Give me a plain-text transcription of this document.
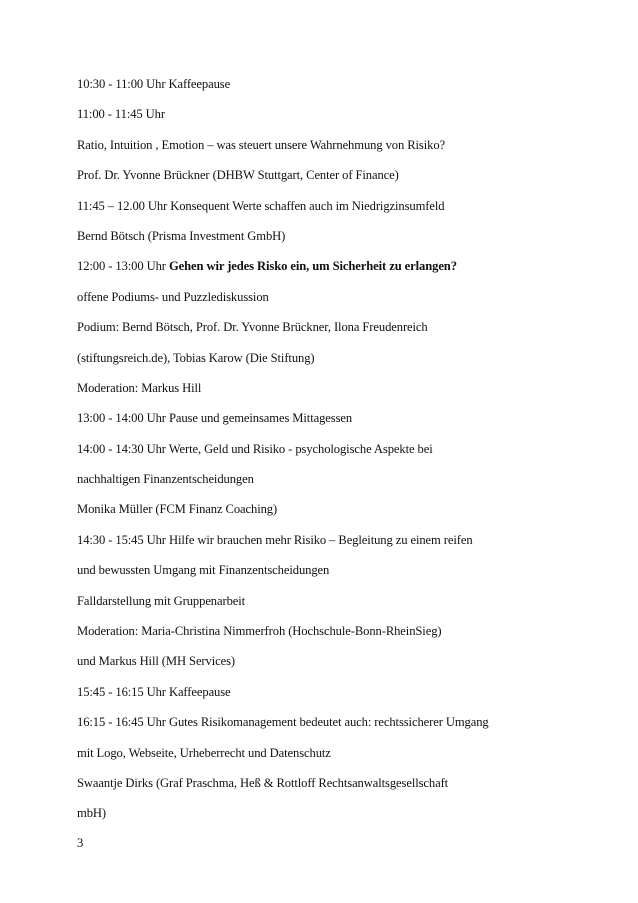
10:30 - 11:00 Uhr Kaffeepause
11:00 - 11:45 Uhr
Ratio, Intuition , Emotion – was steuert unsere Wahrnehmung von Risiko?
Prof. Dr. Yvonne Brückner (DHBW Stuttgart, Center of Finance)
11:45 – 12.00 Uhr Konsequent Werte schaffen auch im Niedrigzinsumfeld
Bernd Bötsch (Prisma Investment GmbH)
12:00 - 13:00 Uhr Gehen wir jedes Risko ein, um Sicherheit zu erlangen?
offene Podiums- und Puzzlediskussion
Podium: Bernd Bötsch, Prof. Dr. Yvonne Brückner, Ilona Freudenreich
(stiftungsreich.de), Tobias Karow (Die Stiftung)
Moderation: Markus Hill
13:00 - 14:00 Uhr Pause und gemeinsames Mittagessen
14:00 - 14:30 Uhr Werte, Geld und Risiko - psychologische Aspekte bei
nachhaltigen Finanzentscheidungen
Monika Müller (FCM Finanz Coaching)
14:30 - 15:45 Uhr Hilfe wir brauchen mehr Risiko – Begleitung zu einem reifen
und bewussten Umgang mit Finanzentscheidungen
Falldarstellung mit Gruppenarbeit
Moderation: Maria-Christina Nimmerfroh (Hochschule-Bonn-RheinSieg)
und Markus Hill (MH Services)
15:45 - 16:15 Uhr Kaffeepause
16:15 - 16:45 Uhr Gutes Risikomanagement bedeutet auch: rechtssicherer Umgang
mit Logo, Webseite, Urheberrecht und Datenschutz
Swaantje Dirks (Graf Praschma, Heß & Rottloff Rechtsanwaltsgesellschaft
mbH)
3
